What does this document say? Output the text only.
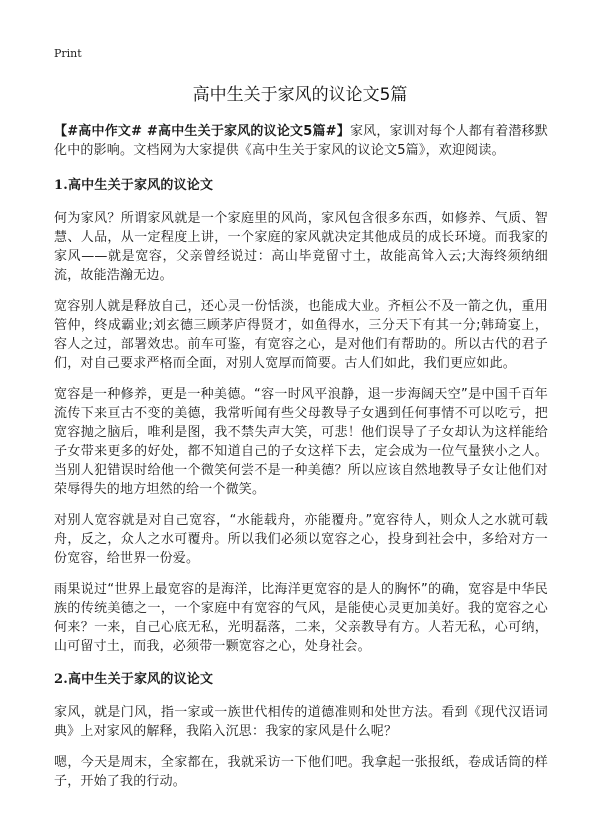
Print
高中生关于家风的议论文5篇

【#高中作文# #高中生关于家风的议论文5篇#】家风，家训对每个人都有着潜移默化中的影响。文档网为大家提供《高中生关于家风的议论文5篇》，欢迎阅读。

1.高中生关于家风的议论文

何为家风？所谓家风就是一个家庭里的风尚，家风包含很多东西，如修养、气质、智慧、人品，从一定程度上讲，一个家庭的家风就决定其他成员的成长环境。而我家的家风——就是宽容，父亲曾经说过：高山毕竟留寸土，故能高耸入云;大海终须纳细流，故能浩瀚无边。

宽容别人就是释放自己，还心灵一份恬淡，也能成大业。齐桓公不及一箭之仇，重用管仲，终成霸业;刘玄德三顾茅庐得贤才，如鱼得水，三分天下有其一分;韩琦宴上，容人之过，部署效忠。前车可鉴，有宽容之心，是对他们有帮助的。所以古代的君子们，对自己要求严格而全面，对别人宽厚而简要。古人们如此，我们更应如此。

宽容是一种修养，更是一种美德。“容一时风平浪静，退一步海阔天空”是中国千百年流传下来亘古不变的美德，我常听闻有些父母教导子女遇到任何事情不可以吃亏，把宽容抛之脑后，唯利是图，我不禁失声大笑，可悲！他们误导了子女却认为这样能给子女带来更多的好处，都不知道自己的子女这样下去，定会成为一位气量狭小之人。当别人犯错误时给他一个微笑何尝不是一种美德？所以应该自然地教导子女让他们对荣辱得失的地方坦然的给一个微笑。

对别人宽容就是对自己宽容，“水能载舟，亦能覆舟。”宽容待人，则众人之水就可载舟，反之，众人之水可覆舟。所以我们必须以宽容之心，投身到社会中，多给对方一份宽容，给世界一份爱。

雨果说过“世界上最宽容的是海洋，比海洋更宽容的是人的胸怀”的确，宽容是中华民族的传统美德之一，一个家庭中有宽容的气风，是能使心灵更加美好。我的宽容之心何来？一来，自己心底无私，光明磊落，二来，父亲教导有方。人若无私，心可纳，山可留寸土，而我，必须带一颗宽容之心，处身社会。

2.高中生关于家风的议论文

家风，就是门风，指一家或一族世代相传的道德准则和处世方法。看到《现代汉语词典》上对家风的解释，我陷入沉思：我家的家风是什么呢？

嗯，今天是周末，全家都在，我就采访一下他们吧。我拿起一张报纸，卷成话筒的样子，开始了我的行动。
